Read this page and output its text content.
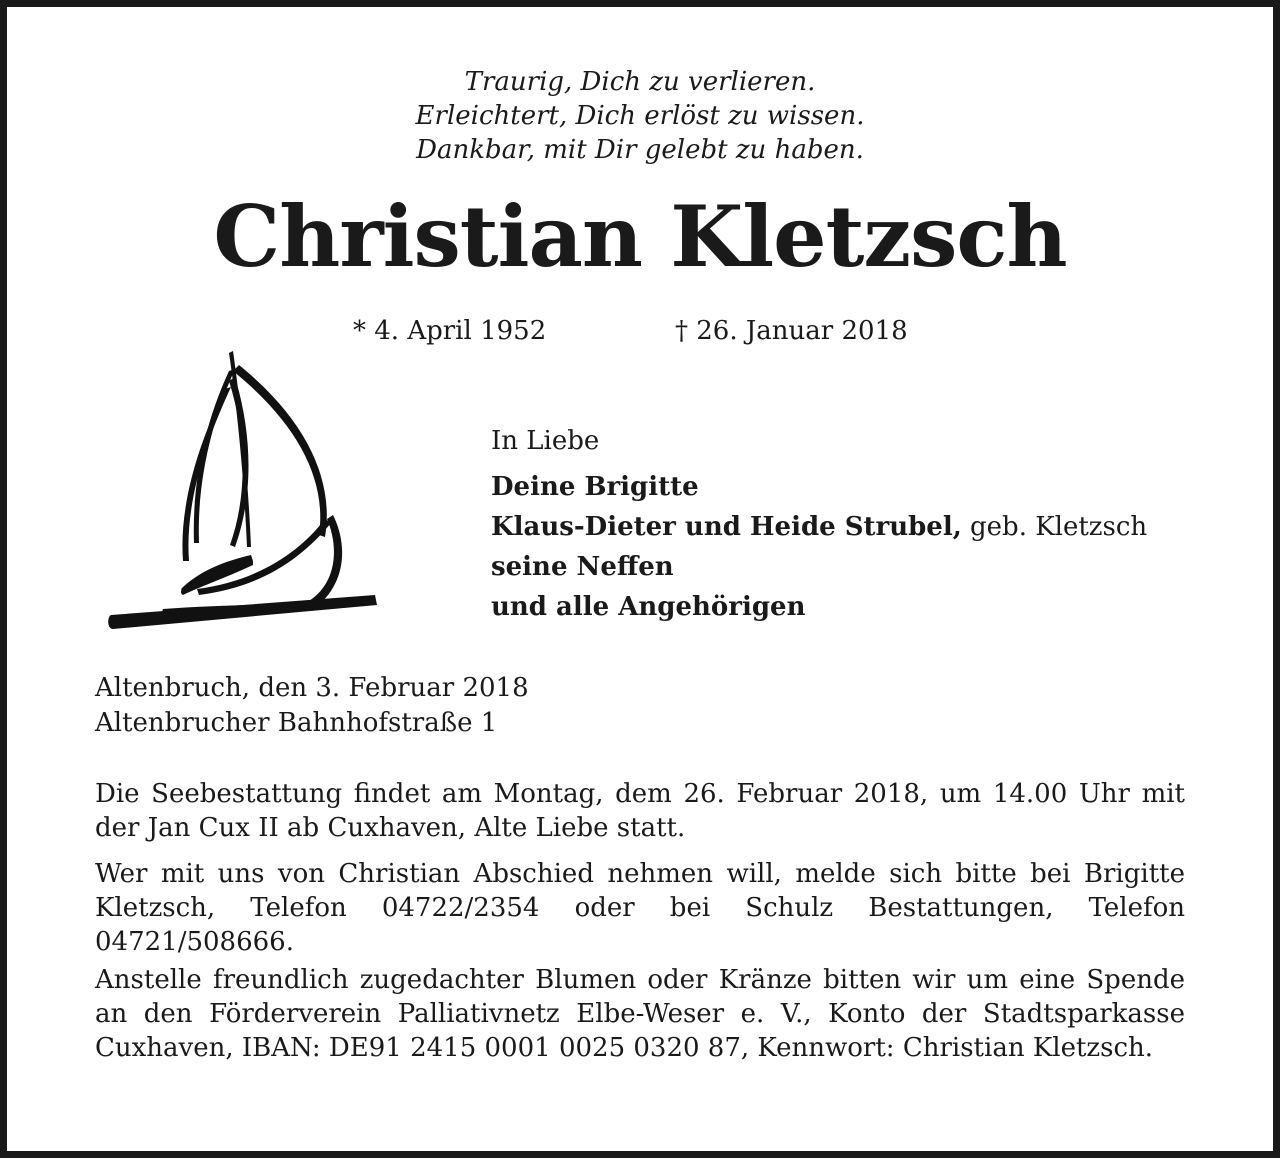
Traurig, Dich zu verlieren.
Erleichtert, Dich erlöst zu wissen.
Dankbar, mit Dir gelebt zu haben.
Christian Kletzsch
* 4. April 1952	† 26. Januar 2018
In Liebe
Deine Brigitte
Klaus-Dieter und Heide Strubel, geb. Kletzsch
seine Neffen
und alle Angehörigen
Altenbruch, den 3. Februar 2018
Altenbrucher Bahnhofstraße 1

Die Seebestattung findet am Montag, dem 26. Februar 2018, um 14.00 Uhr mit der Jan Cux II ab Cuxhaven, Alte Liebe statt.

Wer mit uns von Christian Abschied nehmen will, melde sich bitte bei Brigitte Kletzsch, Telefon 04722/2354 oder bei Schulz Bestattungen, Telefon 04721/508666.

Anstelle freundlich zugedachter Blumen oder Kränze bitten wir um eine Spende an den Förderverein Palliativnetz Elbe-Weser e. V., Konto der Stadtsparkasse Cuxhaven, IBAN: DE91 2415 0001 0025 0320 87, Kennwort: Christian Kletzsch.
